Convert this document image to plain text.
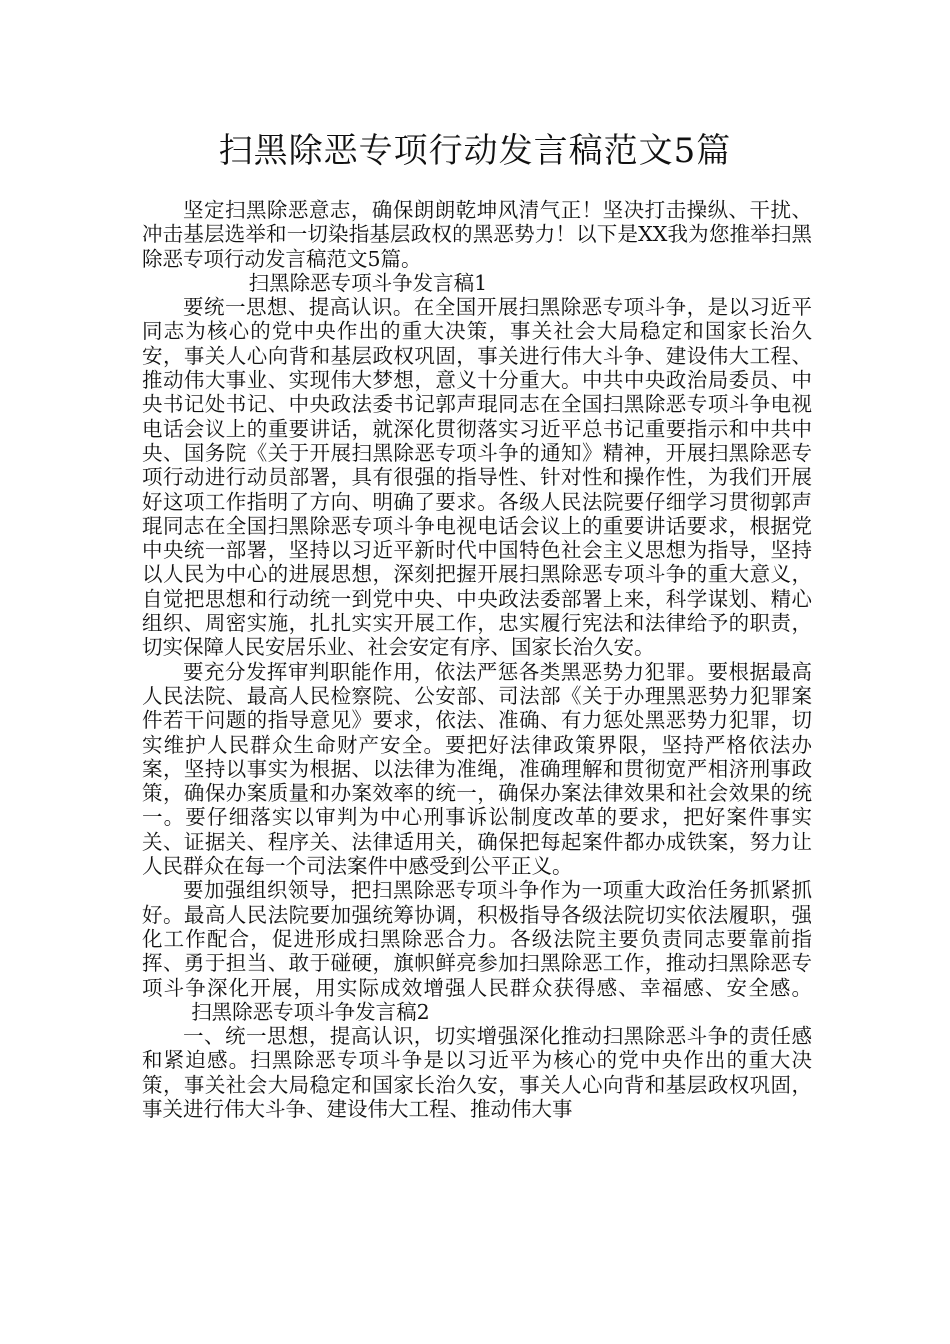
扫黑除恶专项行动发言稿范文5篇

坚定扫黑除恶意志，确保朗朗乾坤风清气正！坚决打击操纵、干扰、冲击基层选举和一切染指基层政权的黑恶势力！以下是XX我为您推举扫黑除恶专项行动发言稿范文5篇。

扫黑除恶专项斗争发言稿1

要统一思想、提高认识。在全国开展扫黑除恶专项斗争，是以习近平同志为核心的党中央作出的重大决策，事关社会大局稳定和国家长治久安，事关人心向背和基层政权巩固，事关进行伟大斗争、建设伟大工程、推动伟大事业、实现伟大梦想，意义十分重大。中共中央政治局委员、中央书记处书记、中央政法委书记郭声琨同志在全国扫黑除恶专项斗争电视电话会议上的重要讲话，就深化贯彻落实习近平总书记重要指示和中共中央、国务院《关于开展扫黑除恶专项斗争的通知》精神，开展扫黑除恶专项行动进行动员部署，具有很强的指导性、针对性和操作性，为我们开展好这项工作指明了方向、明确了要求。各级人民法院要仔细学习贯彻郭声琨同志在全国扫黑除恶专项斗争电视电话会议上的重要讲话要求，根据党中央统一部署，坚持以习近平新时代中国特色社会主义思想为指导，坚持以人民为中心的进展思想，深刻把握开展扫黑除恶专项斗争的重大意义，自觉把思想和行动统一到党中央、中央政法委部署上来，科学谋划、精心组织、周密实施，扎扎实实开展工作，忠实履行宪法和法律给予的职责，切实保障人民安居乐业、社会安定有序、国家长治久安。

要充分发挥审判职能作用，依法严惩各类黑恶势力犯罪。要根据最高人民法院、最高人民检察院、公安部、司法部《关于办理黑恶势力犯罪案件若干问题的指导意见》要求，依法、准确、有力惩处黑恶势力犯罪，切实维护人民群众生命财产安全。要把好法律政策界限，坚持严格依法办案，坚持以事实为根据、以法律为准绳，准确理解和贯彻宽严相济刑事政策，确保办案质量和办案效率的统一，确保办案法律效果和社会效果的统一。要仔细落实以审判为中心刑事诉讼制度改革的要求，把好案件事实关、证据关、程序关、法律适用关，确保把每起案件都办成铁案，努力让人民群众在每一个司法案件中感受到公平正义。

要加强组织领导，把扫黑除恶专项斗争作为一项重大政治任务抓紧抓好。最高人民法院要加强统筹协调，积极指导各级法院切实依法履职，强化工作配合，促进形成扫黑除恶合力。各级法院主要负责同志要靠前指挥、勇于担当、敢于碰硬，旗帜鲜亮参加扫黑除恶工作，推动扫黑除恶专项斗争深化开展，用实际成效增强人民群众获得感、幸福感、安全感。扫黑除恶专项斗争发言稿2

一、统一思想，提高认识，切实增强深化推动扫黑除恶斗争的责任感和紧迫感。扫黑除恶专项斗争是以习近平为核心的党中央作出的重大决策，事关社会大局稳定和国家长治久安，事关人心向背和基层政权巩固，事关进行伟大斗争、建设伟大工程、推动伟大事
